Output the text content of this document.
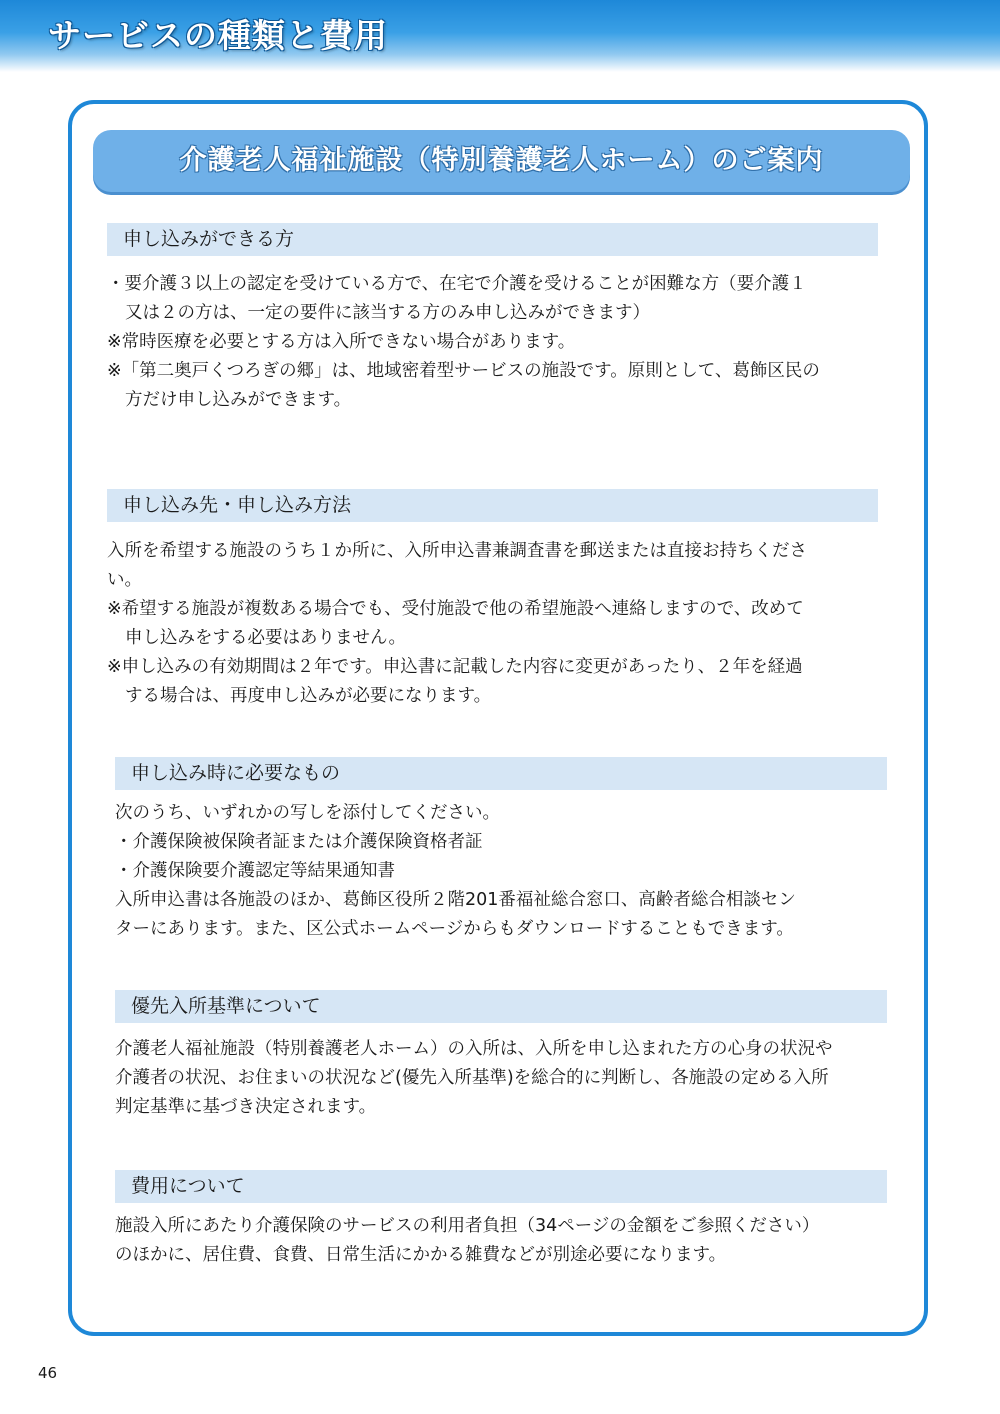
サービスの種類と費用
介護老人福祉施設（特別養護老人ホーム）のご案内
申し込みができる方

・要介護３以上の認定を受けている方で、在宅で介護を受けることが困難な方（要介護１

又は２の方は、一定の要件に該当する方のみ申し込みができます）

※常時医療を必要とする方は入所できない場合があります。

※「第二奥戸くつろぎの郷」は、地域密着型サービスの施設です。原則として、葛飾区民の

方だけ申し込みができます。

申し込み先・申し込み方法

入所を希望する施設のうち１か所に、入所申込書兼調査書を郵送または直接お持ちくださ

い。

※希望する施設が複数ある場合でも、受付施設で他の希望施設へ連絡しますので、改めて

申し込みをする必要はありません。

※申し込みの有効期間は２年です。申込書に記載した内容に変更があったり、２年を経過

する場合は、再度申し込みが必要になります。

申し込み時に必要なもの

次のうち、いずれかの写しを添付してください。

・介護保険被保険者証または介護保険資格者証

・介護保険要介護認定等結果通知書

入所申込書は各施設のほか、葛飾区役所２階201番福祉総合窓口、高齢者総合相談セン

ターにあります。また、区公式ホームページからもダウンロードすることもできます。

優先入所基準について

介護老人福祉施設（特別養護老人ホーム）の入所は、入所を申し込まれた方の心身の状況や

介護者の状況、お住まいの状況など(優先入所基準)を総合的に判断し、各施設の定める入所

判定基準に基づき決定されます。

費用について

施設入所にあたり介護保険のサービスの利用者負担（34ページの金額をご参照ください）

のほかに、居住費、食費、日常生活にかかる雑費などが別途必要になります。

46
